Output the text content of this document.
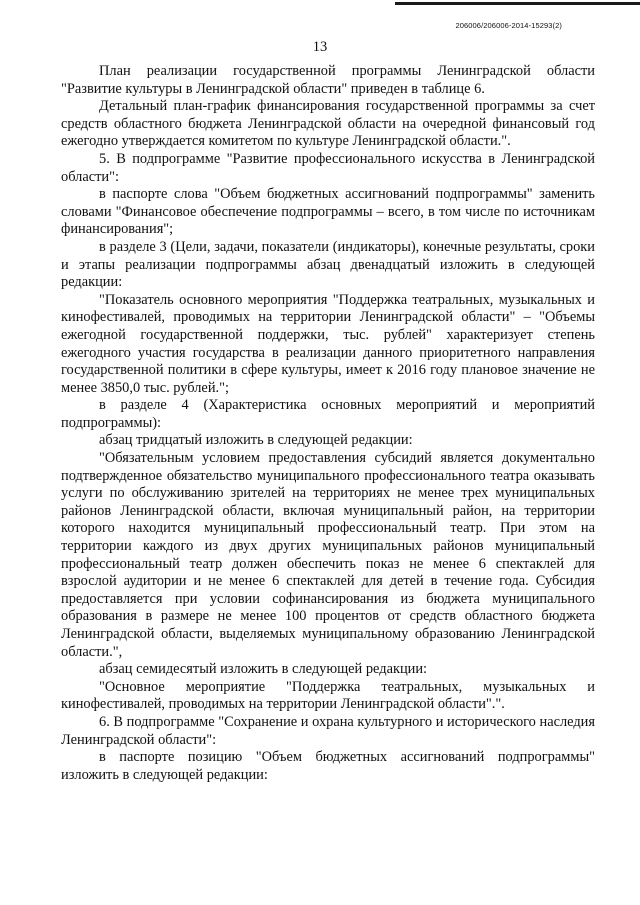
206006/206006-2014-15293(2)
13

План реализации государственной программы Ленинградской области "Развитие культуры в Ленинградской области" приведен в таблице 6.

Детальный план-график финансирования государственной программы за счет средств областного бюджета Ленинградской области на очередной финансовый год ежегодно утверждается комитетом по культуре Ленинградской области.".

5. В подпрограмме "Развитие профессионального искусства в Ленинградской области":

в паспорте слова "Объем бюджетных ассигнований подпрограммы" заменить словами "Финансовое обеспечение подпрограммы – всего, в том числе по источникам финансирования";

в разделе 3 (Цели, задачи, показатели (индикаторы), конечные результаты, сроки и этапы реализации подпрограммы абзац двенадцатый изложить в следующей редакции:

"Показатель основного мероприятия "Поддержка театральных, музыкальных и кинофестивалей, проводимых на территории Ленинградской области" – "Объемы ежегодной государственной поддержки, тыс. рублей" характеризует степень ежегодного участия государства в реализации данного приоритетного направления государственной политики в сфере культуры, имеет к 2016 году плановое значение не менее 3850,0 тыс. рублей.";

в разделе 4 (Характеристика основных мероприятий и мероприятий подпрограммы):

абзац тридцатый изложить в следующей редакции:

"Обязательным условием предоставления субсидий является документально подтвержденное обязательство муниципального профессионального театра оказывать услуги по обслуживанию зрителей на территориях не менее трех муниципальных районов Ленинградской области, включая муниципальный район, на территории которого находится муниципальный профессиональный театр. При этом на территории каждого из двух других муниципальных районов муниципальный профессиональный театр должен обеспечить показ не менее 6 спектаклей для взрослой аудитории и не менее 6 спектаклей для детей в течение года. Субсидия предоставляется при условии софинансирования из бюджета муниципального образования в размере не менее 100 процентов от средств областного бюджета Ленинградской области, выделяемых муниципальному образованию Ленинградской области.",

абзац семидесятый изложить в следующей редакции:

"Основное мероприятие "Поддержка театральных, музыкальных и кинофестивалей, проводимых на территории Ленинградской области".".

6. В подпрограмме "Сохранение и охрана культурного и исторического наследия Ленинградской области":

в паспорте позицию "Объем бюджетных ассигнований подпрограммы" изложить в следующей редакции:
